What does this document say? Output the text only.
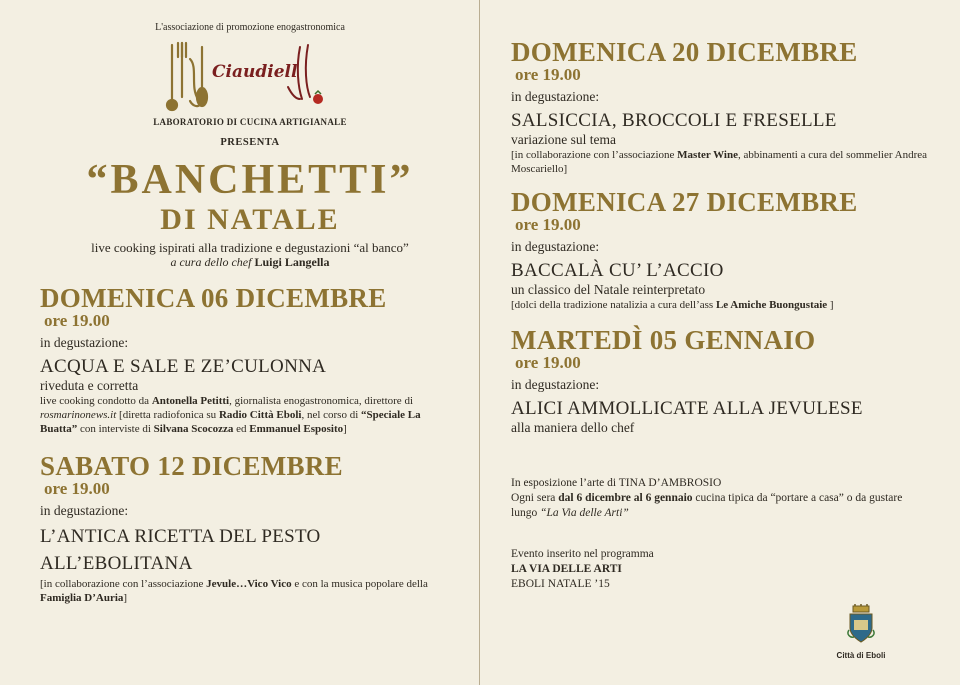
L'associazione di promozione enogastronomica
Ciaudiell
LABORATORIO DI CUCINA ARTIGIANALE
PRESENTA
“BANCHETTI”
DI NATALE
live cooking ispirati alla tradizione e degustazioni “al banco”
a cura dello chef Luigi Langella
DOMENICA 06 DICEMBRE
ore 19.00
in degustazione:
ACQUA E SALE E ZE’CULONNA
riveduta e corretta
live cooking condotto da Antonella Petitti, giornalista enogastronomica, direttore di rosmarinonews.it [diretta radiofonica su Radio Città Eboli, nel corso di “Speciale La Buatta” con interviste di Silvana Scocozza ed Emmanuel Esposito]
SABATO 12 DICEMBRE
ore 19.00
in degustazione:
L’ANTICA RICETTA DEL PESTO ALL’EBOLITANA
[in collaborazione con l’associazione Jevule…Vico Vico e con la musica popolare della Famiglia D’Auria]
DOMENICA 20 DICEMBRE
ore 19.00
in degustazione:
SALSICCIA, BROCCOLI E FRESELLE
variazione sul tema
[in collaborazione con l’associazione Master Wine, abbinamenti a cura del sommelier Andrea Moscariello]
DOMENICA 27 DICEMBRE
ore 19.00
in degustazione:
BACCALÀ CU’ L’ACCIO
un classico del Natale reinterpretato
[dolci della tradizione natalizia a cura dell’ass Le Amiche Buongustaie ]
MARTEDÌ 05 GENNAIO
ore 19.00
in degustazione:
ALICI AMMOLLICATE ALLA JEVULESE
alla maniera dello chef
In esposizione l’arte di TINA D’AMBROSIO
Ogni sera dal 6 dicembre al 6 gennaio cucina tipica da “portare a casa” o da gustare lungo “La Via delle Arti”
Evento inserito nel programma
LA VIA DELLE ARTI
EBOLI NATALE ’15
Città di Eboli
